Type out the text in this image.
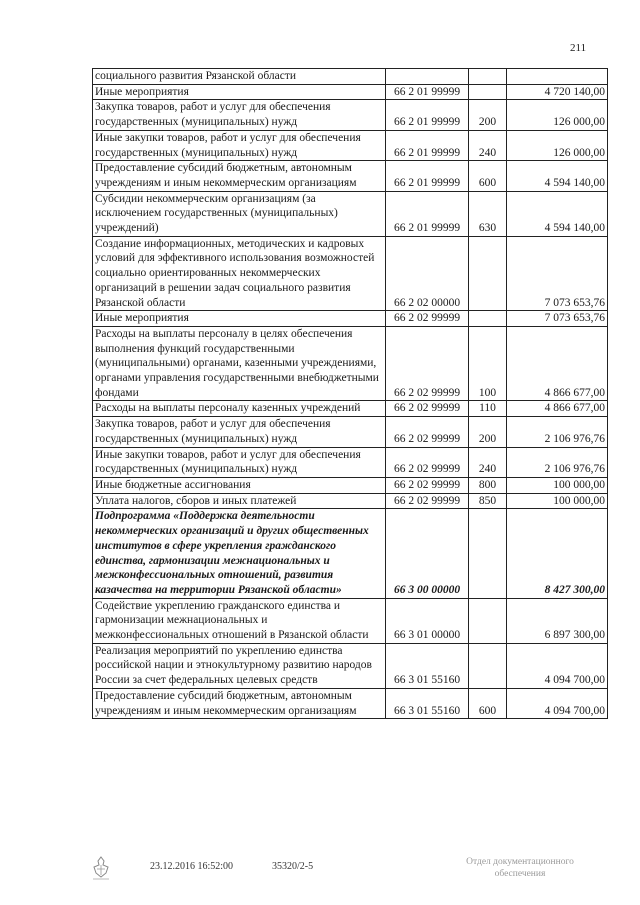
211
социального развития Рязанской области			
Иные мероприятия	66 2 01 99999		4 720 140,00
Закупка товаров, работ и услуг для обеспечения государственных (муниципальных) нужд	66 2 01 99999	200	126 000,00
Иные закупки товаров, работ и услуг для обеспечения государственных (муниципальных) нужд	66 2 01 99999	240	126 000,00
Предоставление субсидий бюджетным, автономным учреждениям и иным некоммерческим организациям	66 2 01 99999	600	4 594 140,00
Субсидии некоммерческим организациям (за исключением государственных (муниципальных) учреждений)	66 2 01 99999	630	4 594 140,00
Создание информационных, методических и кадровых условий для эффективного использования возможностей социально ориентированных некоммерческих организаций в решении задач социального развития Рязанской области	66 2 02 00000		7 073 653,76
Иные мероприятия	66 2 02 99999		7 073 653,76
Расходы на выплаты персоналу в целях обеспечения выполнения функций государственными (муниципальными) органами, казенными учреждениями, органами управления государственными внебюджетными фондами	66 2 02 99999	100	4 866 677,00
Расходы на выплаты персоналу казенных учреждений	66 2 02 99999	110	4 866 677,00
Закупка товаров, работ и услуг для обеспечения государственных (муниципальных) нужд	66 2 02 99999	200	2 106 976,76
Иные закупки товаров, работ и услуг для обеспечения государственных (муниципальных) нужд	66 2 02 99999	240	2 106 976,76
Иные бюджетные ассигнования	66 2 02 99999	800	100 000,00
Уплата налогов, сборов и иных платежей	66 2 02 99999	850	100 000,00
Подпрограмма «Поддержка деятельности некоммерческих организаций и других общественных институтов в сфере укрепления гражданского единства, гармонизации межнациональных и межконфессиональных отношений, развития казачества на территории Рязанской области»	66 3 00 00000		8 427 300,00
Содействие укреплению гражданского единства и гармонизации межнациональных и межконфессиональных отношений в Рязанской области	66 3 01 00000		6 897 300,00
Реализация мероприятий по укреплению единства российской нации и этнокультурному развитию народов России за счет федеральных целевых средств	66 3 01 55160		4 094 700,00
Предоставление субсидий бюджетным, автономным учреждениям и иным некоммерческим организациям	66 3 01 55160	600	4 094 700,00
23.12.2016 16:52:00	35320/2-5	Отдел документационного обеспечения
